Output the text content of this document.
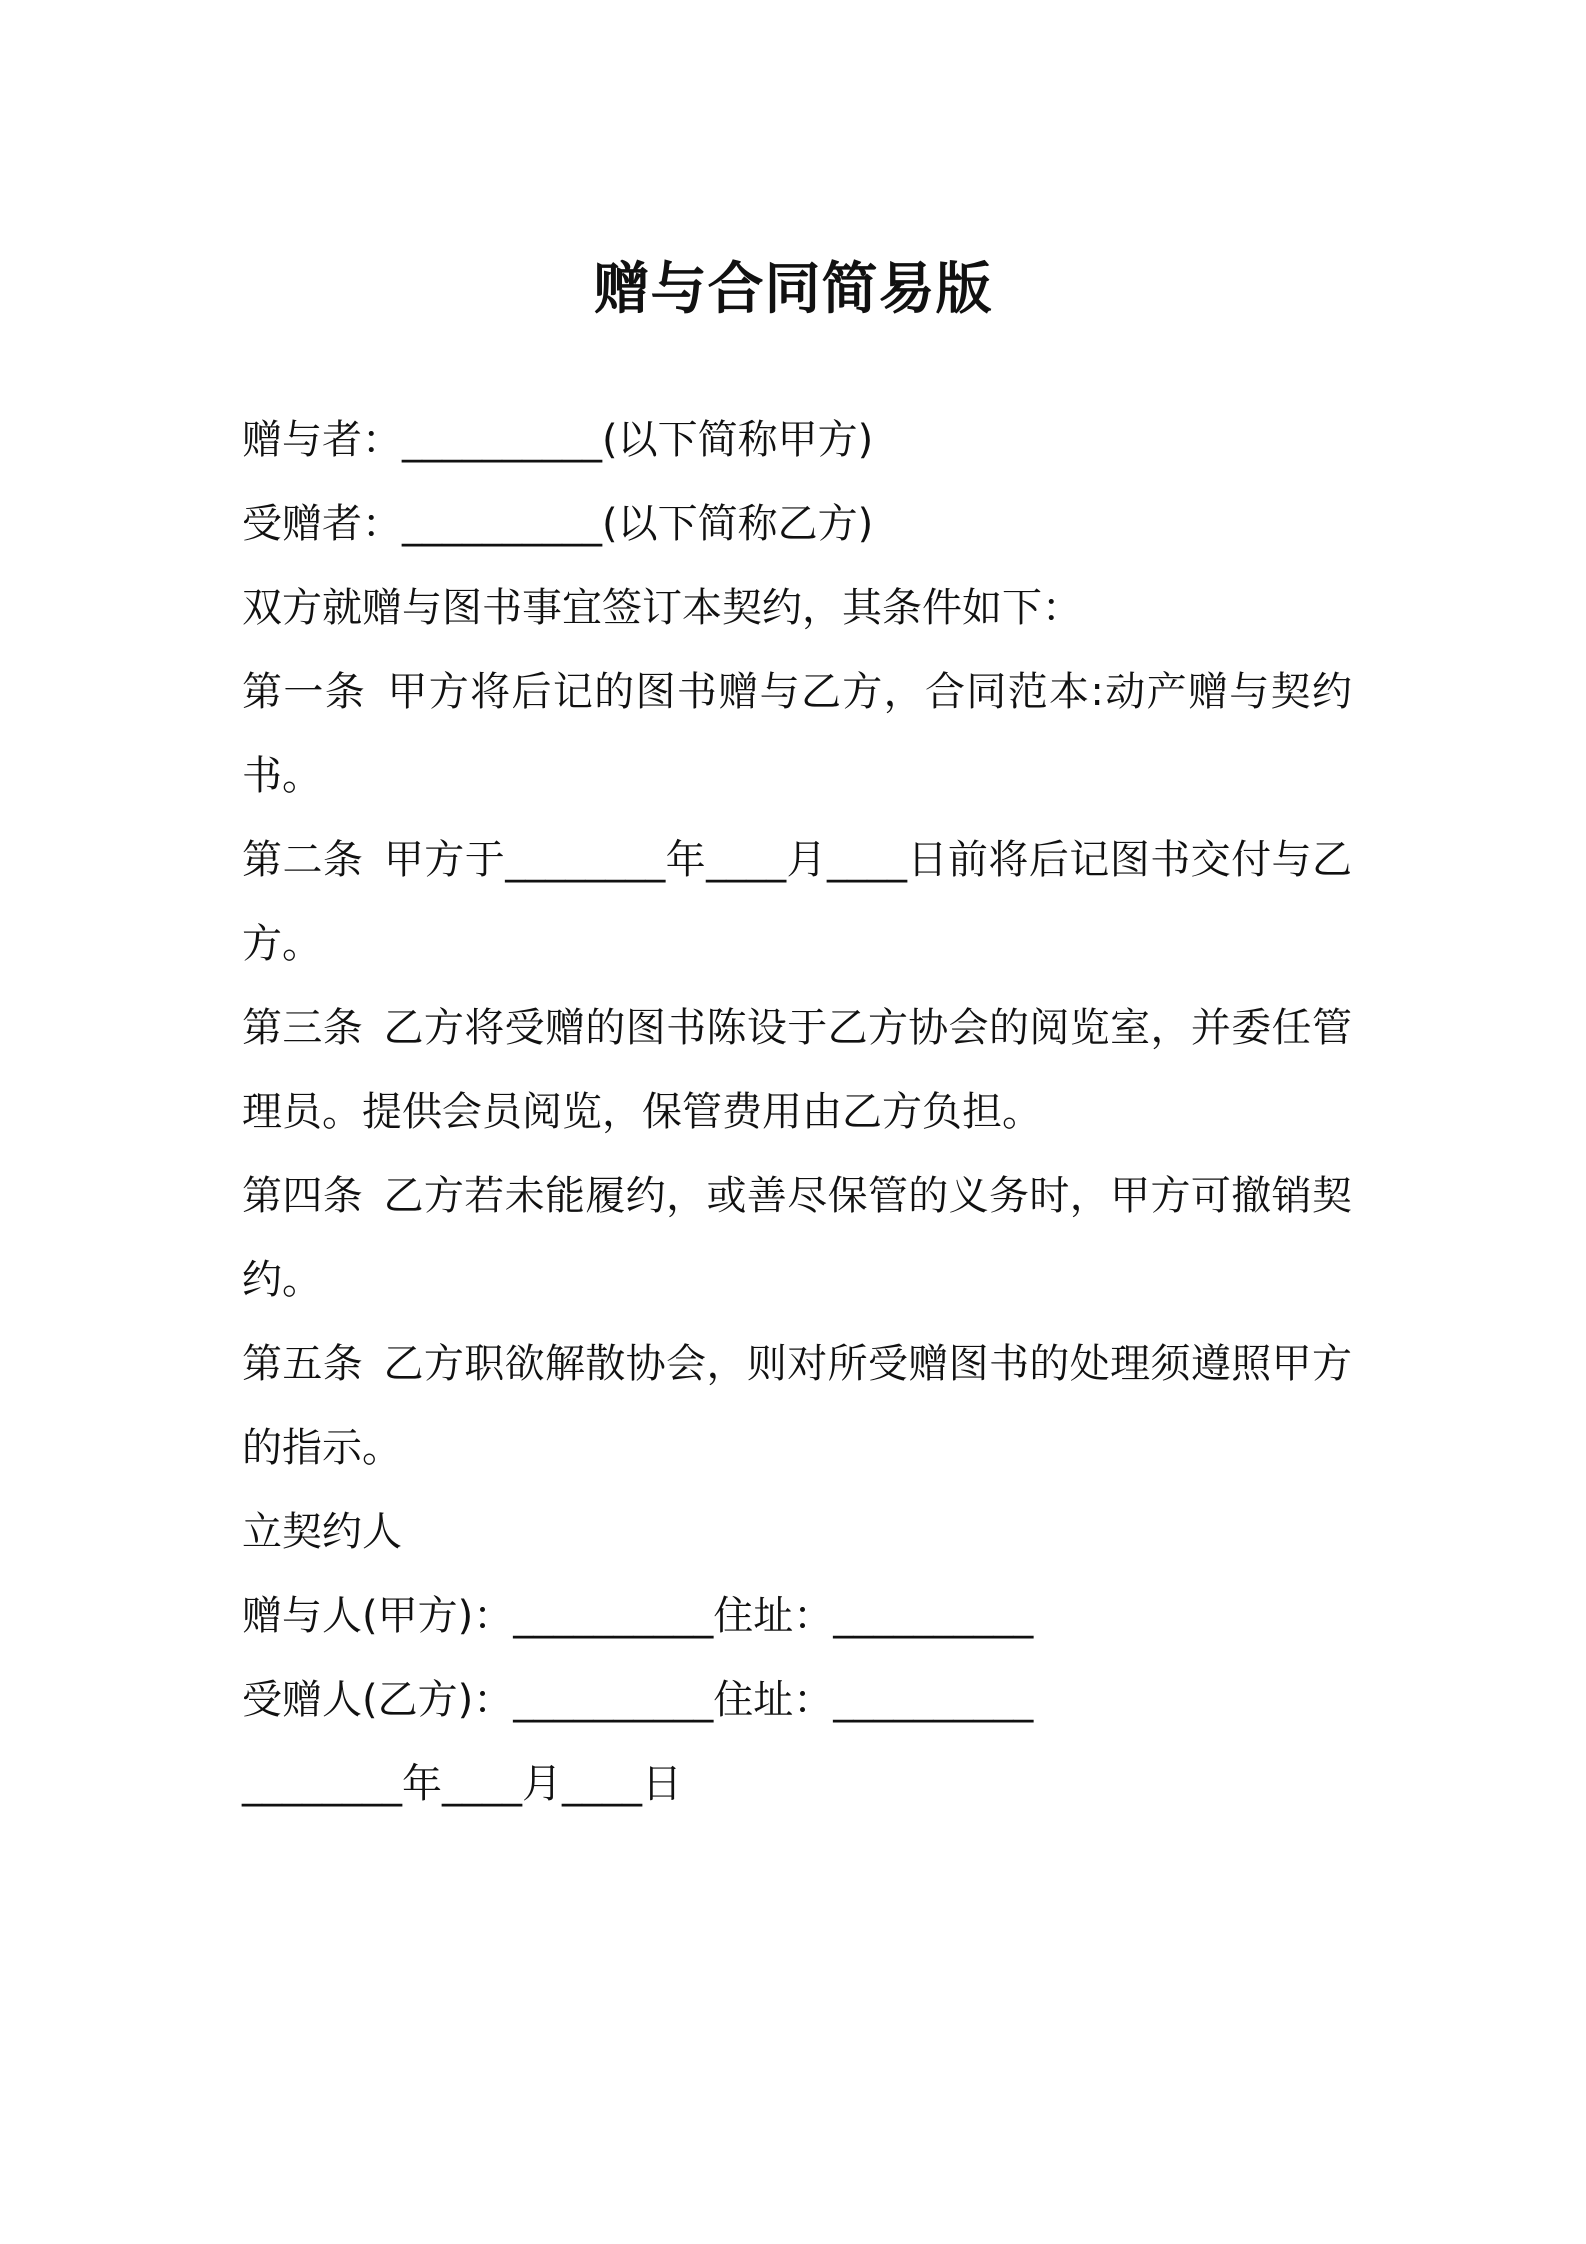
赠与合同简易版

赠与者：__________(以下简称甲方)

受赠者：__________(以下简称乙方)

双方就赠与图书事宜签订本契约，其条件如下：

第一条 甲方将后记的图书赠与乙方，合同范本:动产赠与契约书。

第二条 甲方于________年____月____日前将后记图书交付与乙方。

第三条 乙方将受赠的图书陈设于乙方协会的阅览室，并委任管理员。提供会员阅览，保管费用由乙方负担。

第四条 乙方若未能履约，或善尽保管的义务时，甲方可撤销契约。

第五条 乙方职欲解散协会，则对所受赠图书的处理须遵照甲方的指示。

立契约人

赠与人(甲方)：__________住址：__________

受赠人(乙方)：__________住址：__________

________年____月____日
